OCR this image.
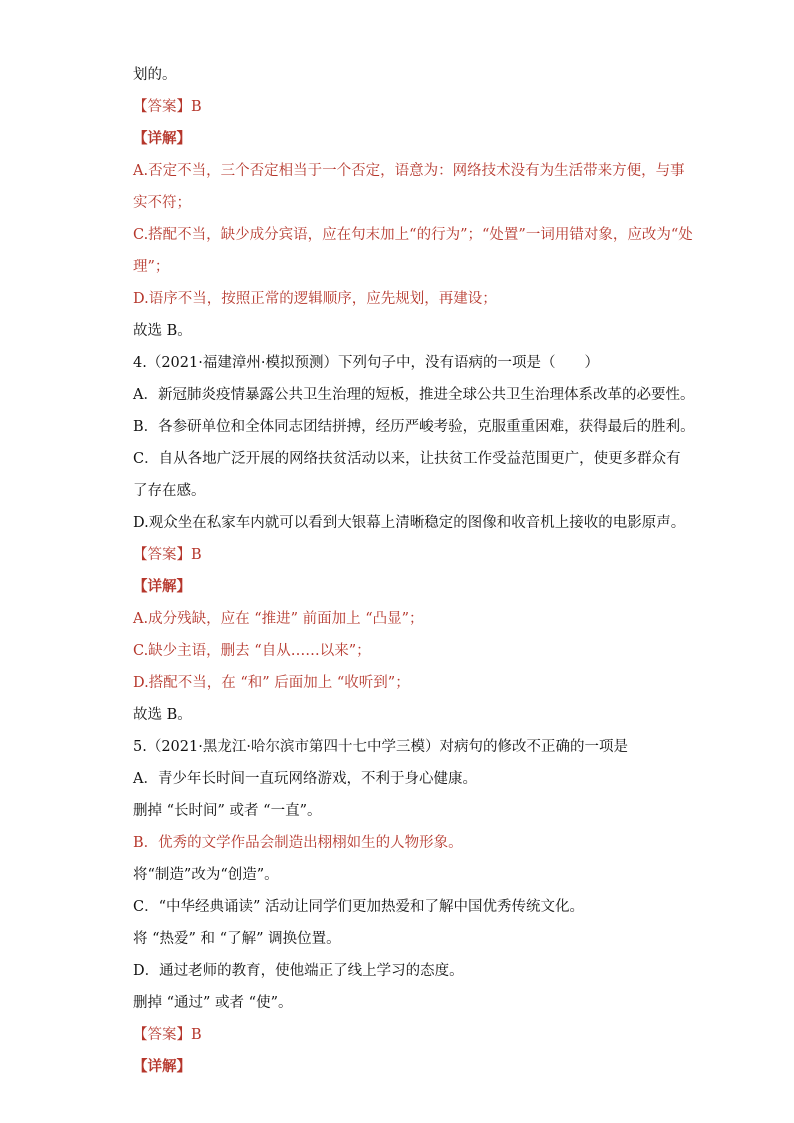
划的。
【答案】B
【详解】
A.否定不当，三个否定相当于一个否定，语意为：网络技术没有为生活带来方便，与事
实不符；
C.搭配不当，缺少成分宾语，应在句末加上“的行为”；“处置”一词用错对象，应改为“处
理”；
D.语序不当，按照正常的逻辑顺序，应先规划，再建设；
故选 B。
4.（2021·福建漳州·模拟预测）下列句子中，没有语病的一项是（　　）
A．新冠肺炎疫情暴露公共卫生治理的短板，推进全球公共卫生治理体系改革的必要性。
B．各参研单位和全体同志团结拼搏，经历严峻考验，克服重重困难，获得最后的胜利。
C．自从各地广泛开展的网络扶贫活动以来，让扶贫工作受益范围更广，使更多群众有
了存在感。
D.观众坐在私家车内就可以看到大银幕上清晰稳定的图像和收音机上接收的电影原声。
【答案】B
【详解】
A.成分残缺，应在 “推进” 前面加上 “凸显”；
C.缺少主语，删去 “自从……以来”；
D.搭配不当，在 “和” 后面加上 “收听到”；
故选 B。
5.（2021·黑龙江·哈尔滨市第四十七中学三模）对病句的修改不正确的一项是
A．青少年长时间一直玩网络游戏，不利于身心健康。
删掉 “长时间” 或者 “一直”。
B．优秀的文学作品会制造出栩栩如生的人物形象。
将“制造”改为“创造”。
C．“中华经典诵读” 活动让同学们更加热爱和了解中国优秀传统文化。
将 “热爱” 和 “了解” 调换位置。
D．通过老师的教育，使他端正了线上学习的态度。
删掉 “通过” 或者 “使”。
【答案】B
【详解】
